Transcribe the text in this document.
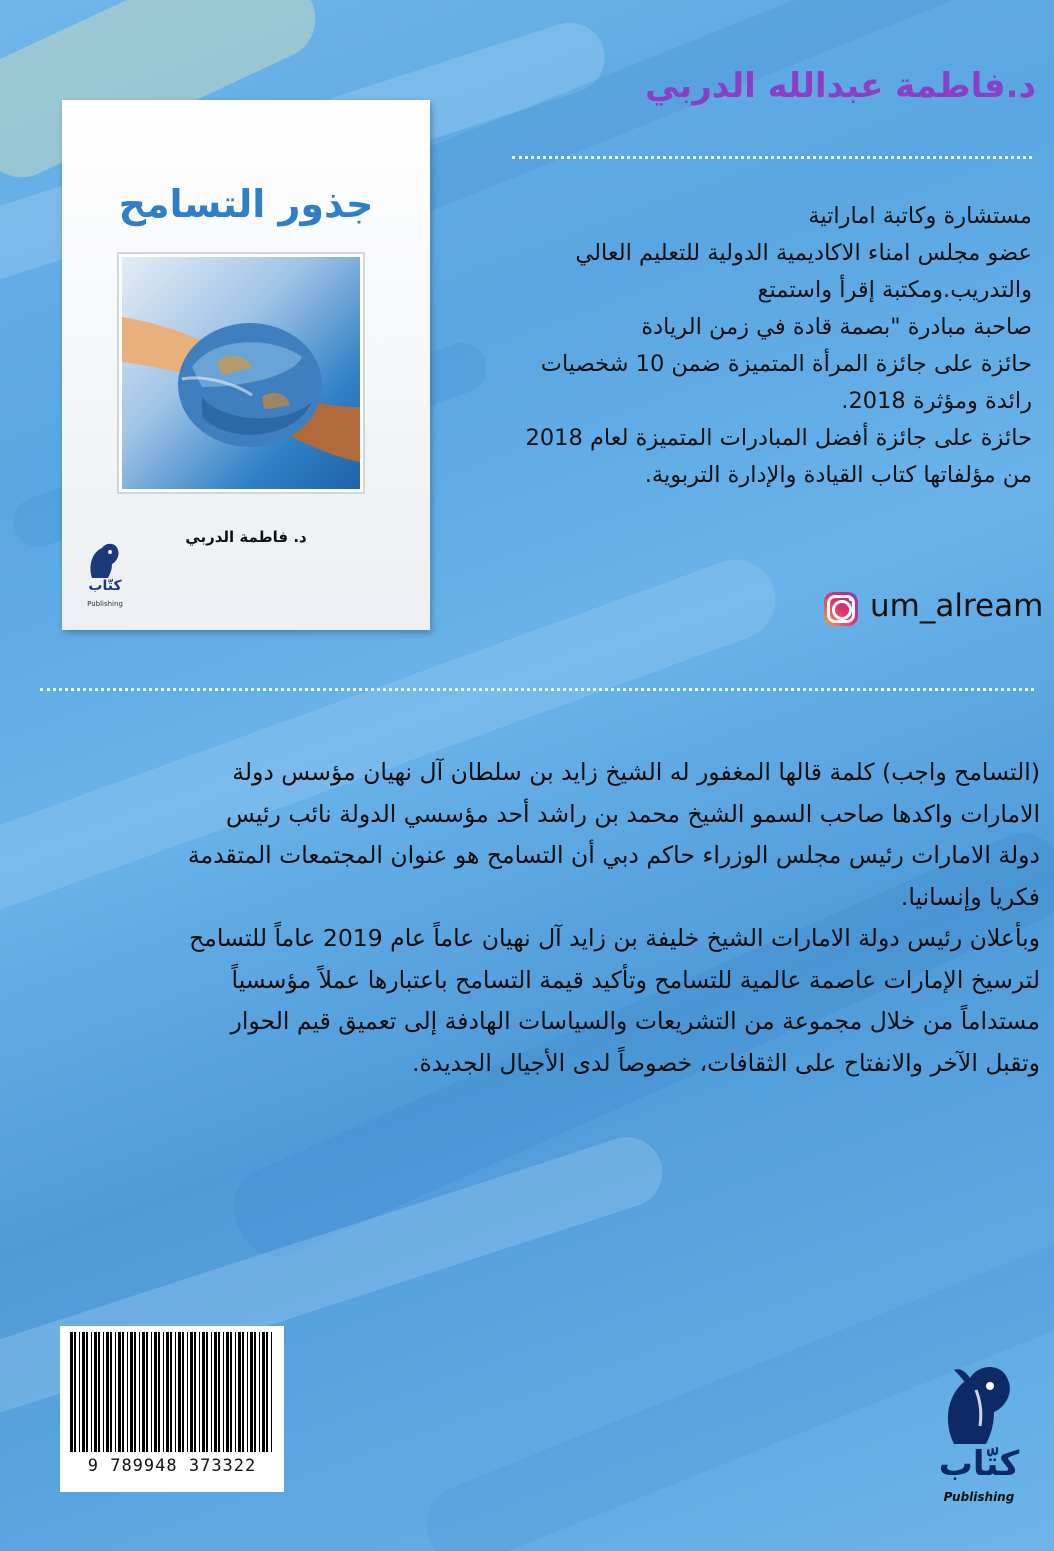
د.فاطمة عبدالله الدربي
مستشارة وكاتبة اماراتية
عضو مجلس امناء الاكاديمية الدولية للتعليم العالي
والتدريب.ومكتبة إقرأ واستمتع
صاحبة مبادرة "بصمة قادة في زمن الريادة
حائزة على جائزة المرأة المتميزة ضمن 10 شخصيات
رائدة ومؤثرة 2018.
حائزة على جائزة أفضل المبادرات المتميزة لعام 2018
من مؤلفاتها كتاب القيادة والإدارة التربوية.
um_alream
جذور التسامح
د. فاطمة الدربي
كتّاب
Publishing
(التسامح واجب) كلمة قالها المغفور له الشيخ زايد بن سلطان آل نهيان مؤسس دولة
الامارات واكدها صاحب السمو الشيخ محمد بن راشد أحد مؤسسي الدولة نائب رئيس
دولة الامارات رئيس مجلس الوزراء حاكم دبي أن التسامح هو عنوان المجتمعات المتقدمة
فكريا وإنسانيا.
وبأعلان رئيس دولة الامارات الشيخ خليفة بن زايد آل نهيان عاماً عام 2019 عاماً للتسامح
لترسيخ الإمارات عاصمة عالمية للتسامح وتأكيد قيمة التسامح باعتبارها عملاً مؤسسياً
مستداماً من خلال مجموعة من التشريعات والسياسات الهادفة إلى تعميق قيم الحوار
وتقبل الآخر والانفتاح على الثقافات، خصوصاً لدى الأجيال الجديدة.
9 789948 373322	كتّاب
Publishing
